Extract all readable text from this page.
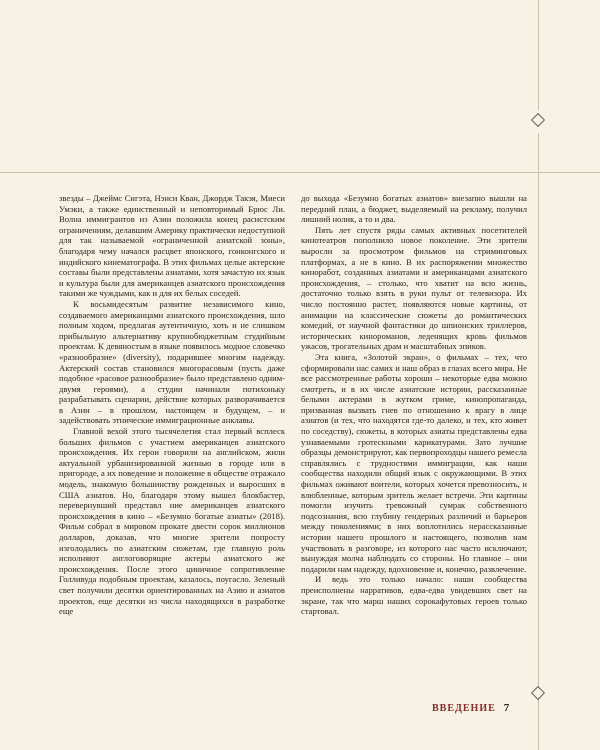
звезды – Джеймс Сигэта, Нэнси Кван, Джордж Такэя, Миеси Умэки, а также единственный и неповторимый Брюс Ли. Волна иммигрантов из Азии положила конец расистским ограничениям, делавшим Америку практически недоступной для так называемой «ограниченной азиатской зоны», благодаря чему начался расцвет японского, гонконгского и индийского кинематографа. В этих фильмах целые актерские составы были представлены азиатами, хотя зачастую их язык и культура были для американцев азиатского происхождения такими же чуждыми, как и для их белых соседей.

К восьмидесятым развитие независимого кино, создаваемого американцами азиатского происхождения, шло полным ходом, предлагая аутентичную, хоть и не слишком прибыльную альтернативу крупнобюджетным студийным проектам. К девяностым в языке появилось модное словечко «разнообразие» (diversity), подарившее многим надежду. Актерский состав становился многорасовым (пусть даже подобное «расовое разнообразие» было представлено одним-двумя героями), а студии начинали потихоньку разрабатывать сценарии, действие которых разворачивается в Азии – в прошлом, настоящем и будущем, – и задействовать этнические иммиграционные анклавы.

Главной вехой этого тысячелетия стал первый всплеск больших фильмов с участием американцев азиатского происхождения. Их герои говорили на английском, жили актуальной урбанизированной жизнью в городе или в пригороде, а их поведение и положение в обществе отражало модель, знакомую большинству рожденных и выросших в США азиатов. Но, благодаря этому вышел блокбастер, перевернувший представл ние американцев азиатского происхождения в кино – «Безумно богатые азиаты» (2018). Фильм собрал в мировом прокате двести сорок миллионов долларов, доказав, что многие зрители попросту изголодались по азиатским сюжетам, где главную роль исполняют англоговорящие актеры азиатского же происхождения. После этого циничное сопротивление Голливуда подобным проектам, казалось, поугасло. Зеленый свет получили десятки ориентированных на Азию и азиатов проектов, еще десятки из числа находящихся в разработке еще

до выхода «Безумно богатых азиатов» внезапно вышли на передний план, а бюджет, выделяемый на рекламу, получил лишний нолик, а то и два.

Пять лет спустя ряды самых активных посетителей кинотеатров пополнило новое поколение. Эти зрители выросли за просмотром фильмов на стриминговых платформах, а не в кино. В их распоряжении множество киноработ, созданных азиатами и американцами азиатского происхождения, – столько, что хватит на всю жизнь, достаточно только взять в руки пульт от телевизора. Их число постоянно растет, появляются новые картины, от анимации на классические сюжеты до романтических комедий, от научной фантастики до шпионских триллеров, исторических кинороманов, леденящих кровь фильмов ужасов, трогательных драм и масштабных эпиков.

Эта книга, «Золотой экран», о фильмах – тех, что сформировали нас самих и наш образ в глазах всего мира. Не все рассмотренные работы хороши – некоторые едва можно смотреть, и в их числе азиатские истории, рассказанные белыми актерами в жутком гриме, кинопропаганда, призванная вызвать гнев по отношению к врагу в лице азиатов (и тех, что находятся где-то далеко, и тех, кто живет по соседству), сюжеты, в которых азиаты представлены едва узнаваемыми гротескными карикатурами. Зато лучшие образцы демонстрируют, как первопроходцы нашего ремесла справлялись с трудностями иммиграции, как наши сообщества находили общий язык с окружающими. В этих фильмах оживают воители, которых хочется превозносить, и влюбленные, которым зритель желает встречи. Эти картины помогли изучить тревожный сумрак собственного подсознания, всю глубину гендерных различий и барьеров между поколениями; в них воплотились нерассказанные истории нашего прошлого и настоящего, позволив нам участвовать в разговоре, из которого нас часто исключают, вынуждая молча наблюдать со стороны. Но главное – они подарили нам надежду, вдохновение и, конечно, развлечение.

И ведь это только начало: наши сообщества преисполнены нарративов, едва-едва увидевших свет на экране, так что марш наших сорокафутовых героев только стартовал.

ВВЕДЕНИЕ 7
